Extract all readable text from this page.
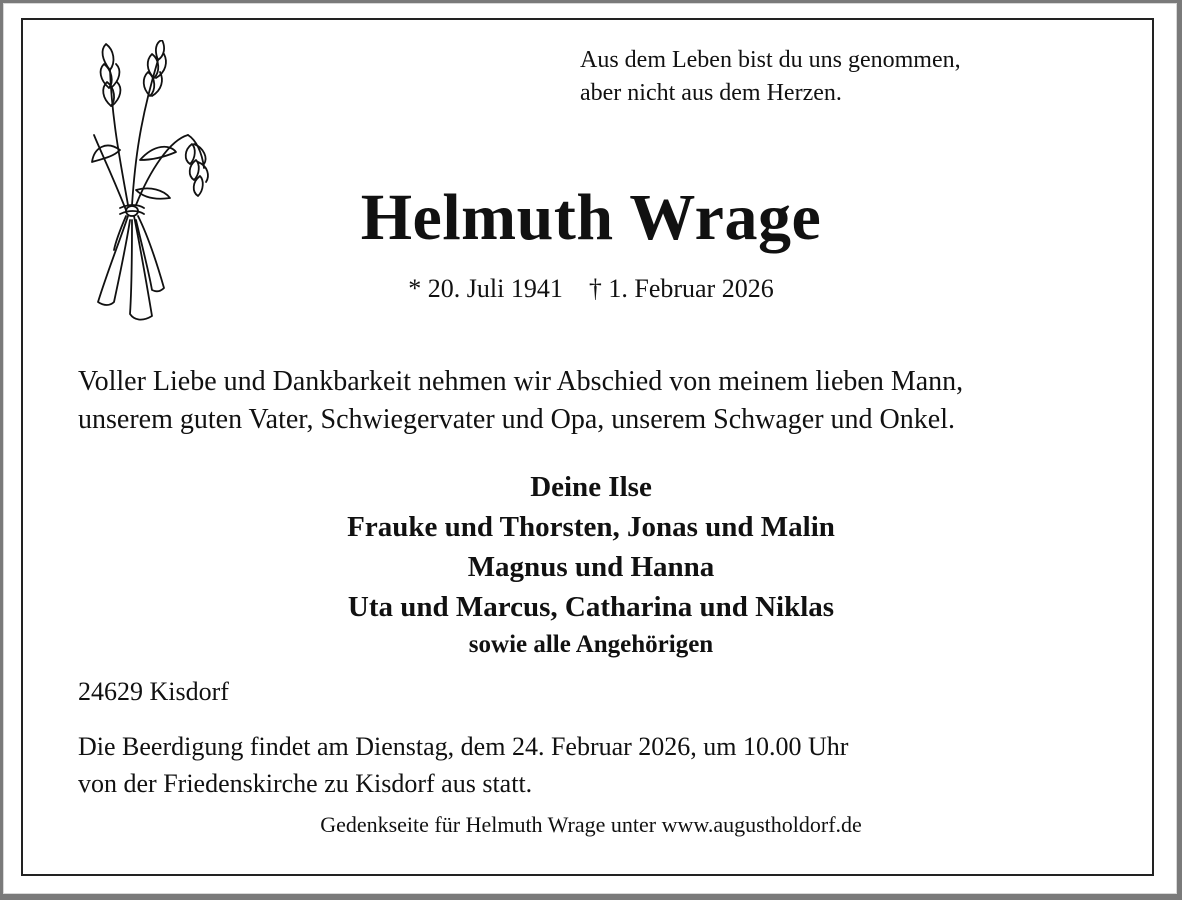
Aus dem Leben bist du uns genommen,
aber nicht aus dem Herzen.

Helmuth Wrage

* 20. Juli 1941 † 1. Februar 2026

Voller Liebe und Dankbarkeit nehmen wir Abschied von meinem lieben Mann,
unserem guten Vater, Schwiegervater und Opa, unserem Schwager und Onkel.

Deine Ilse
Frauke und Thorsten, Jonas und Malin
Magnus und Hanna
Uta und Marcus, Catharina und Niklas
sowie alle Angehörigen

24629 Kisdorf

Die Beerdigung findet am Dienstag, dem 24. Februar 2026, um 10.00 Uhr
von der Friedenskirche zu Kisdorf aus statt.

Gedenkseite für Helmuth Wrage unter www.augustholdorf.de
